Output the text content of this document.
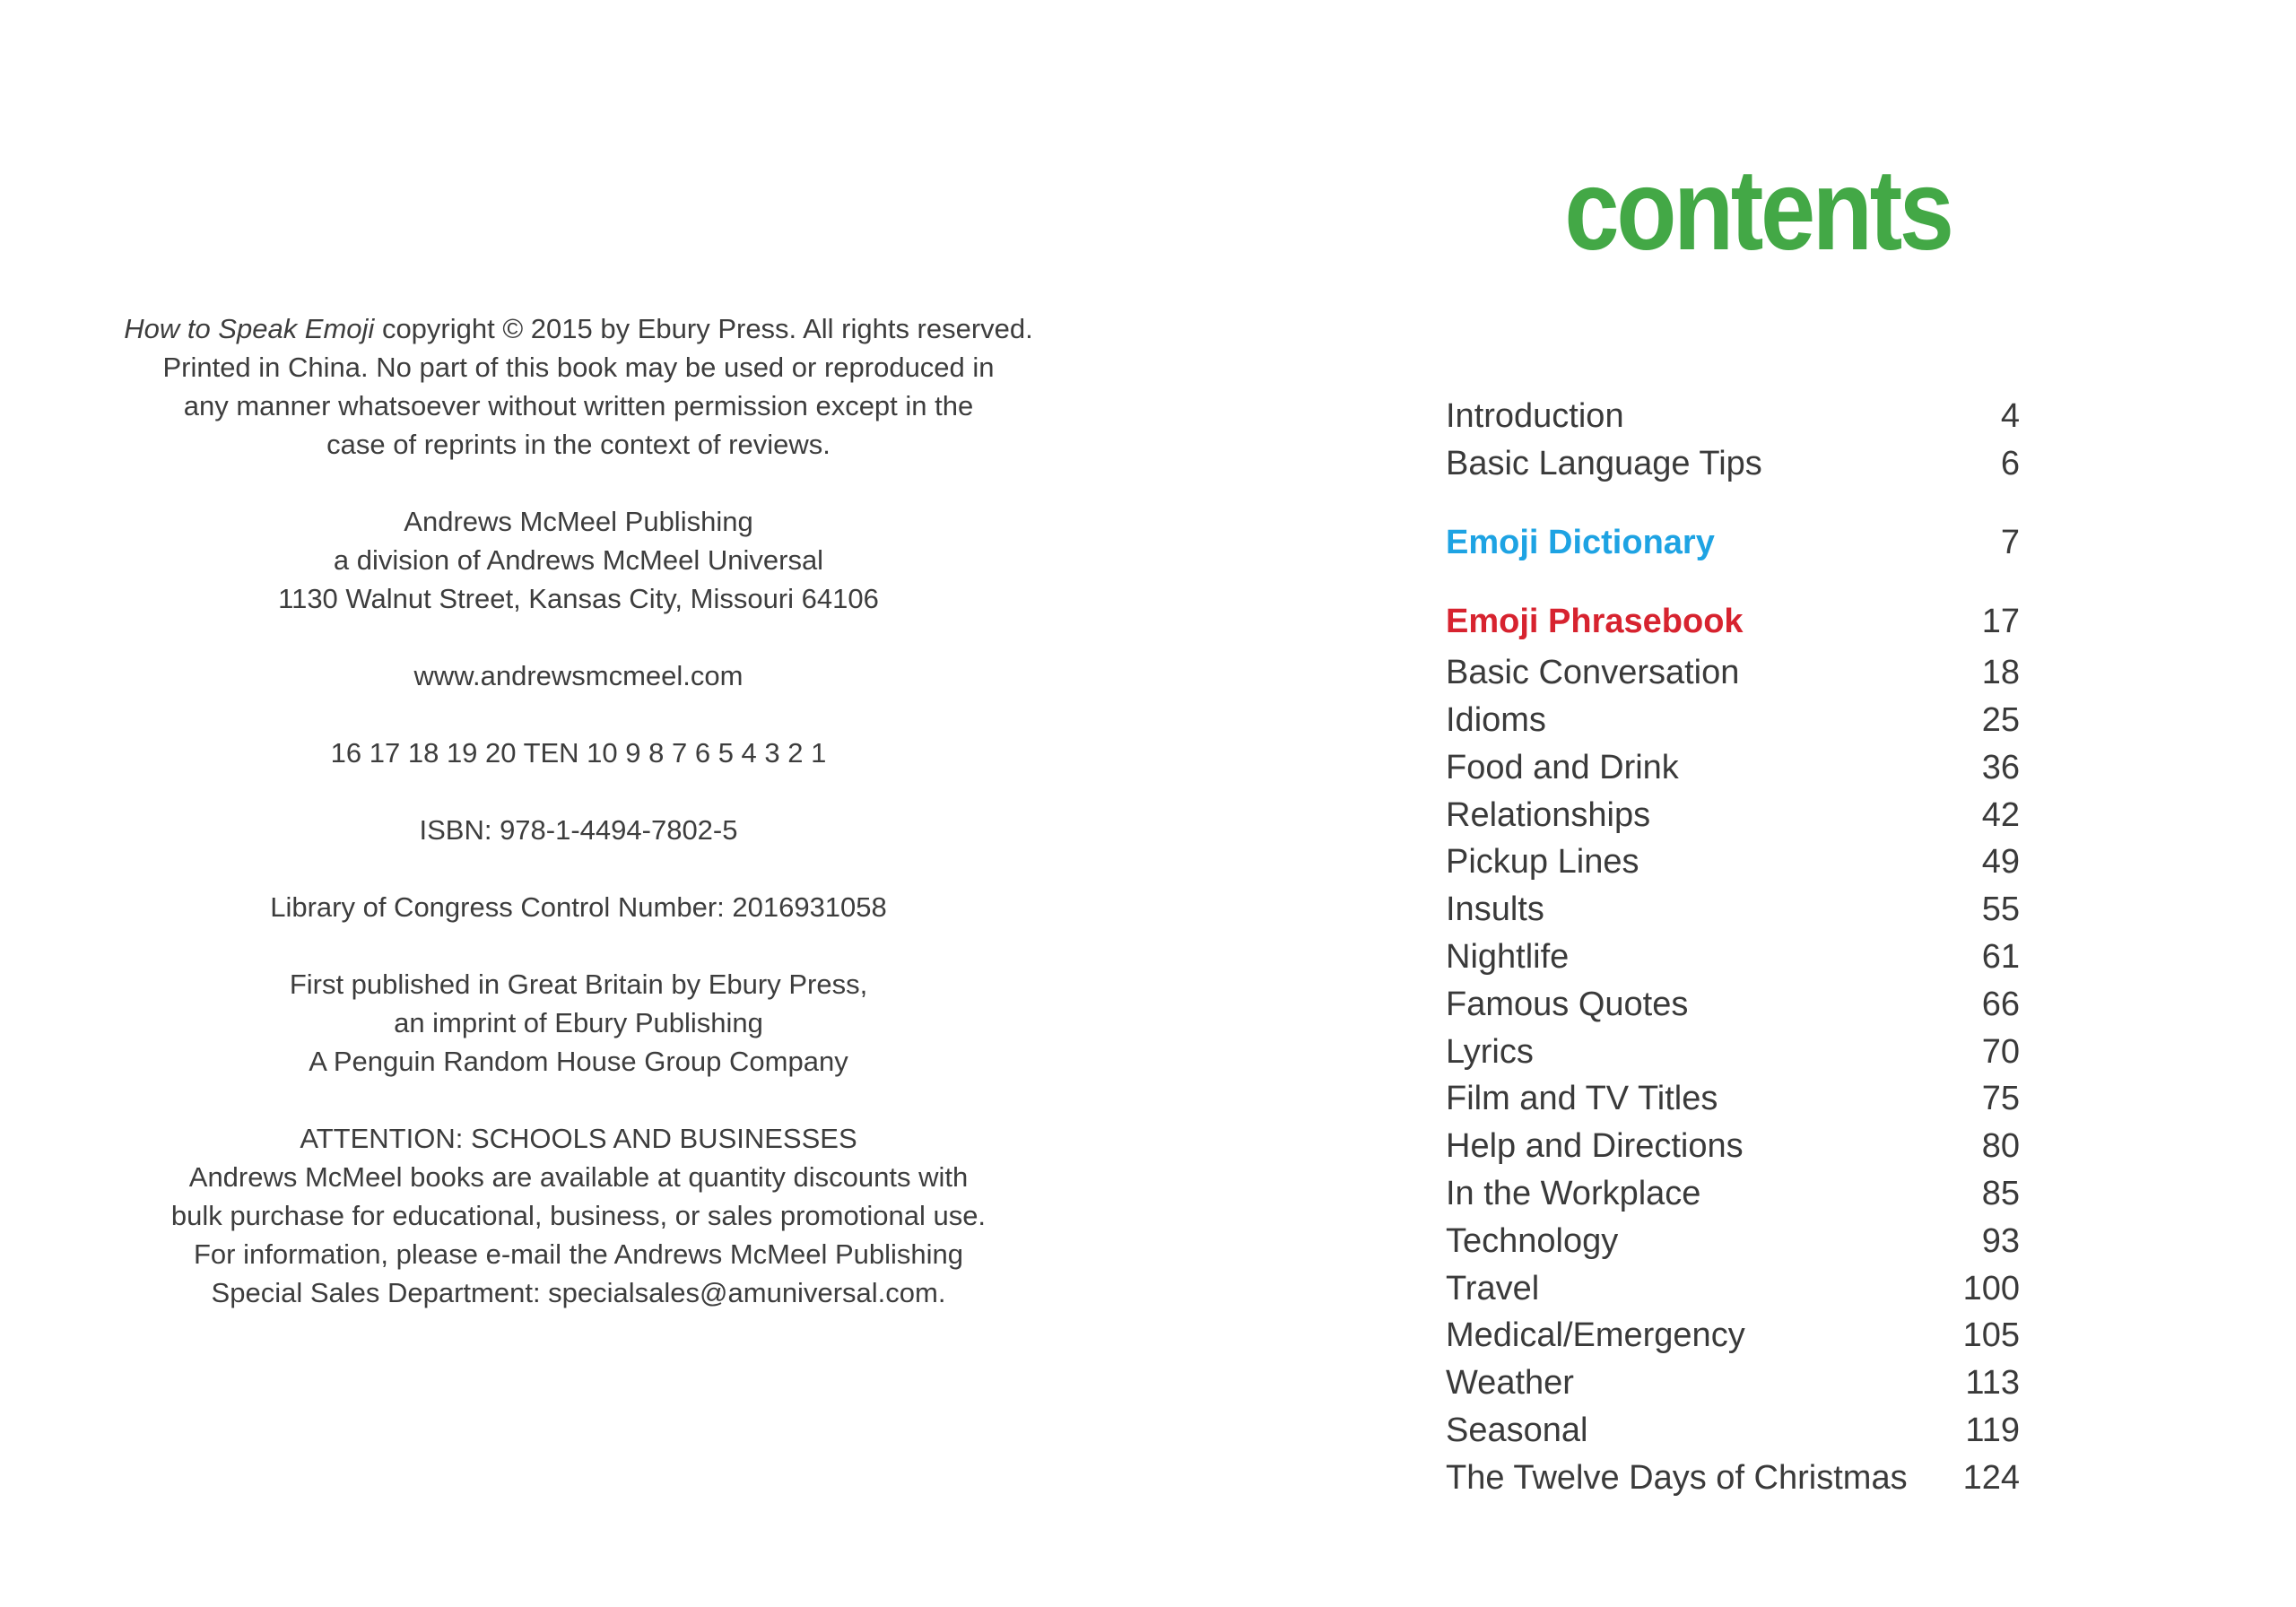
How to Speak Emoji copyright © 2015 by Ebury Press. All rights reserved.
Printed in China. No part of this book may be used or reproduced in
any manner whatsoever without written permission except in the
case of reprints in the context of reviews.
Andrews McMeel Publishing
a division of Andrews McMeel Universal
1130 Walnut Street, Kansas City, Missouri 64106
www.andrewsmcmeel.com
16 17 18 19 20 TEN 10 9 8 7 6 5 4 3 2 1
ISBN: 978-1-4494-7802-5
Library of Congress Control Number: 2016931058
First published in Great Britain by Ebury Press,
an imprint of Ebury Publishing
A Penguin Random House Group Company
ATTENTION: SCHOOLS AND BUSINESSES
Andrews McMeel books are available at quantity discounts with
bulk purchase for educational, business, or sales promotional use.
For information, please e-mail the Andrews McMeel Publishing
Special Sales Department: specialsales@amuniversal.com.
contents
Introduction	4
Basic Language Tips	6
Emoji Dictionary	7
Emoji Phrasebook	17
Basic Conversation	18
Idioms	25
Food and Drink	36
Relationships	42
Pickup Lines	49
Insults	55
Nightlife	61
Famous Quotes	66
Lyrics	70
Film and TV Titles	75
Help and Directions	80
In the Workplace	85
Technology	93
Travel	100
Medical/Emergency	105
Weather	113
Seasonal	119
The Twelve Days of Christmas	124
